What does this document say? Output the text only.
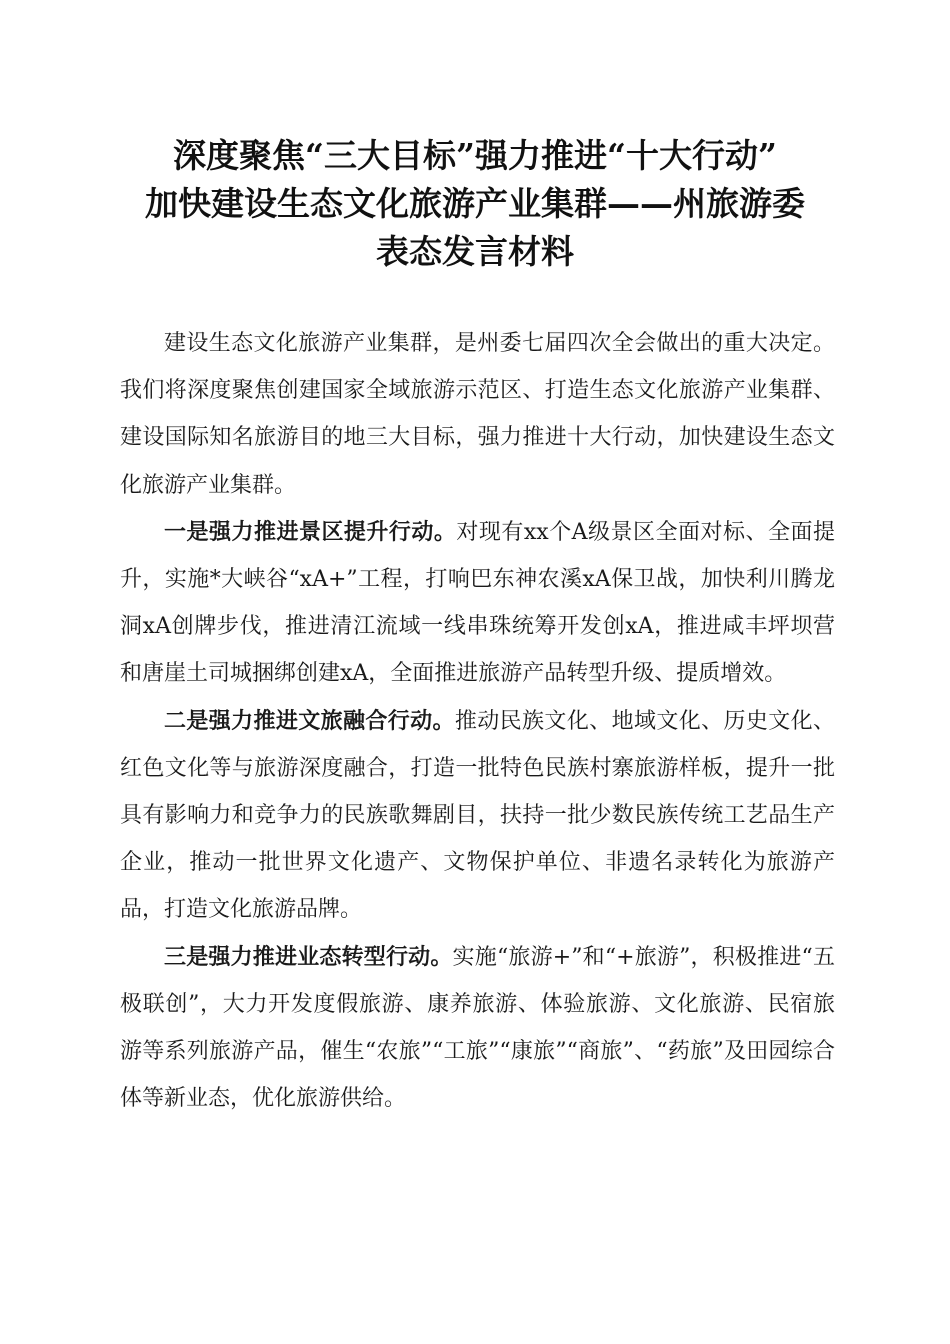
深度聚焦“三大目标”强力推进“十大行动”
加快建设生态文化旅游产业集群——州旅游委
表态发言材料

建设生态文化旅游产业集群，是州委七届四次全会做出的重大决定。我们将深度聚焦创建国家全域旅游示范区、打造生态文化旅游产业集群、建设国际知名旅游目的地三大目标，强力推进十大行动，加快建设生态文化旅游产业集群。

一是强力推进景区提升行动。对现有xx个A级景区全面对标、全面提升，实施*大峡谷“xA+”工程，打响巴东神农溪xA保卫战，加快利川腾龙洞xA创牌步伐，推进清江流域一线串珠统筹开发创xA，推进咸丰坪坝营和唐崖土司城捆绑创建xA，全面推进旅游产品转型升级、提质增效。

二是强力推进文旅融合行动。推动民族文化、地域文化、历史文化、红色文化等与旅游深度融合，打造一批特色民族村寨旅游样板，提升一批具有影响力和竞争力的民族歌舞剧目，扶持一批少数民族传统工艺品生产企业，推动一批世界文化遗产、文物保护单位、非遗名录转化为旅游产品，打造文化旅游品牌。

三是强力推进业态转型行动。实施“旅游+”和“+旅游”，积极推进“五极联创”，大力开发度假旅游、康养旅游、体验旅游、文化旅游、民宿旅游等系列旅游产品，催生“农旅”“工旅”“康旅”“商旅”、“药旅”及田园综合体等新业态，优化旅游供给。
